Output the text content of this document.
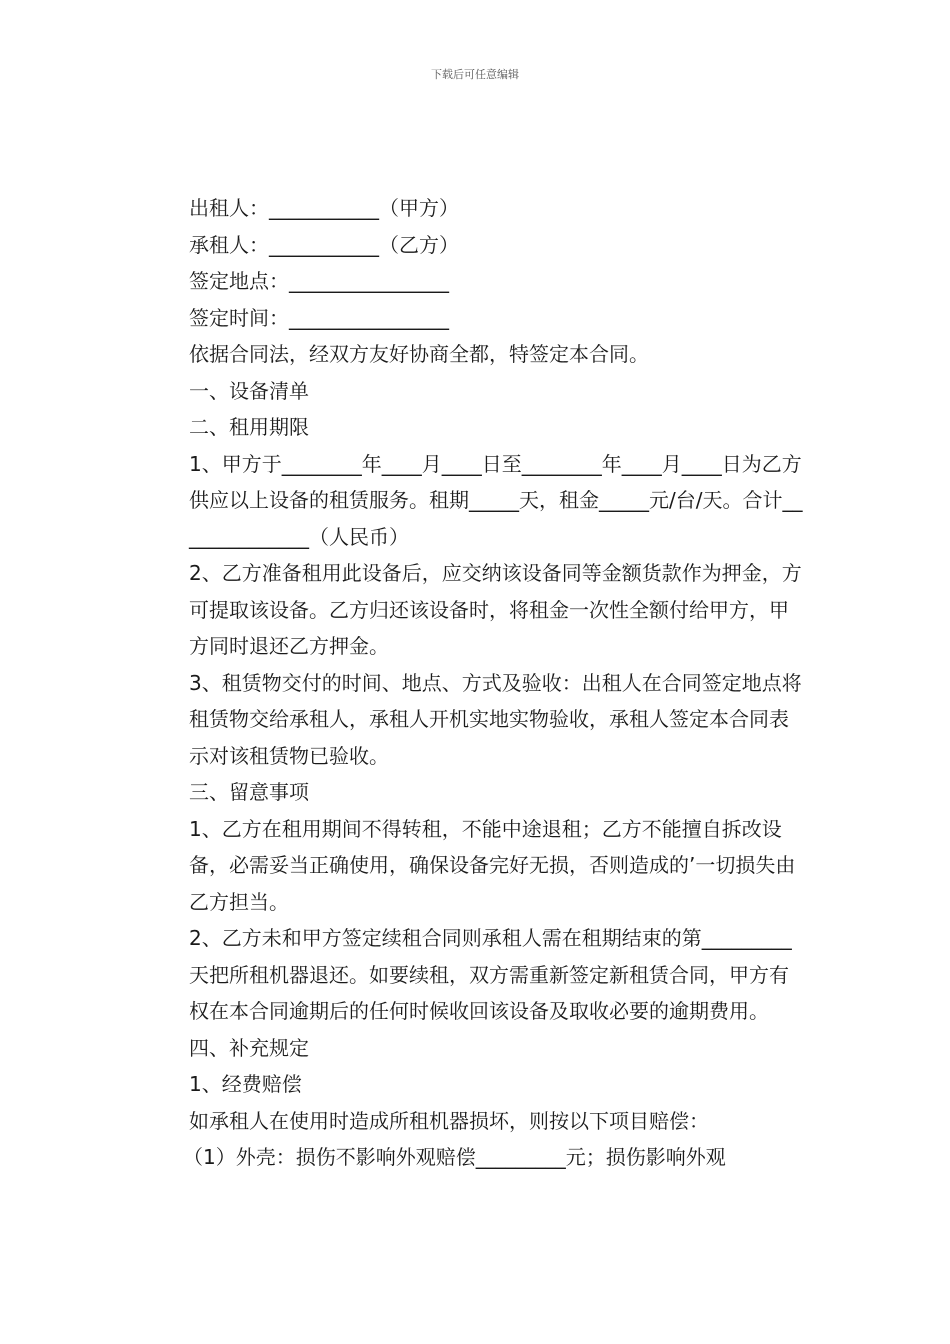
下载后可任意编辑

出租人：___________（甲方）

承租人：___________（乙方）

签定地点：________________

签定时间：________________

依据合同法，经双方友好协商全都，特签定本合同。

一、设备清单

二、租用期限

1、甲方于________年____月____日至________年____月____日为乙方供应以上设备的租赁服务。租期_____天，租金_____元/台/天。合计______________（人民币）

2、乙方准备租用此设备后，应交纳该设备同等金额货款作为押金，方可提取该设备。乙方归还该设备时，将租金一次性全额付给甲方，甲方同时退还乙方押金。

3、租赁物交付的时间、地点、方式及验收：出租人在合同签定地点将租赁物交给承租人，承租人开机实地实物验收，承租人签定本合同表示对该租赁物已验收。

三、留意事项

1、乙方在租用期间不得转租，不能中途退租；乙方不能擅自拆改设备，必需妥当正确使用，确保设备完好无损，否则造成的’一切损失由乙方担当。

2、乙方未和甲方签定续租合同则承租人需在租期结束的第_________天把所租机器退还。如要续租，双方需重新签定新租赁合同，甲方有权在本合同逾期后的任何时候收回该设备及取收必要的逾期费用。

四、补充规定

1、经费赔偿

如承租人在使用时造成所租机器损坏，则按以下项目赔偿：

（1）外壳：损伤不影响外观赔偿_________元；损伤影响外观
